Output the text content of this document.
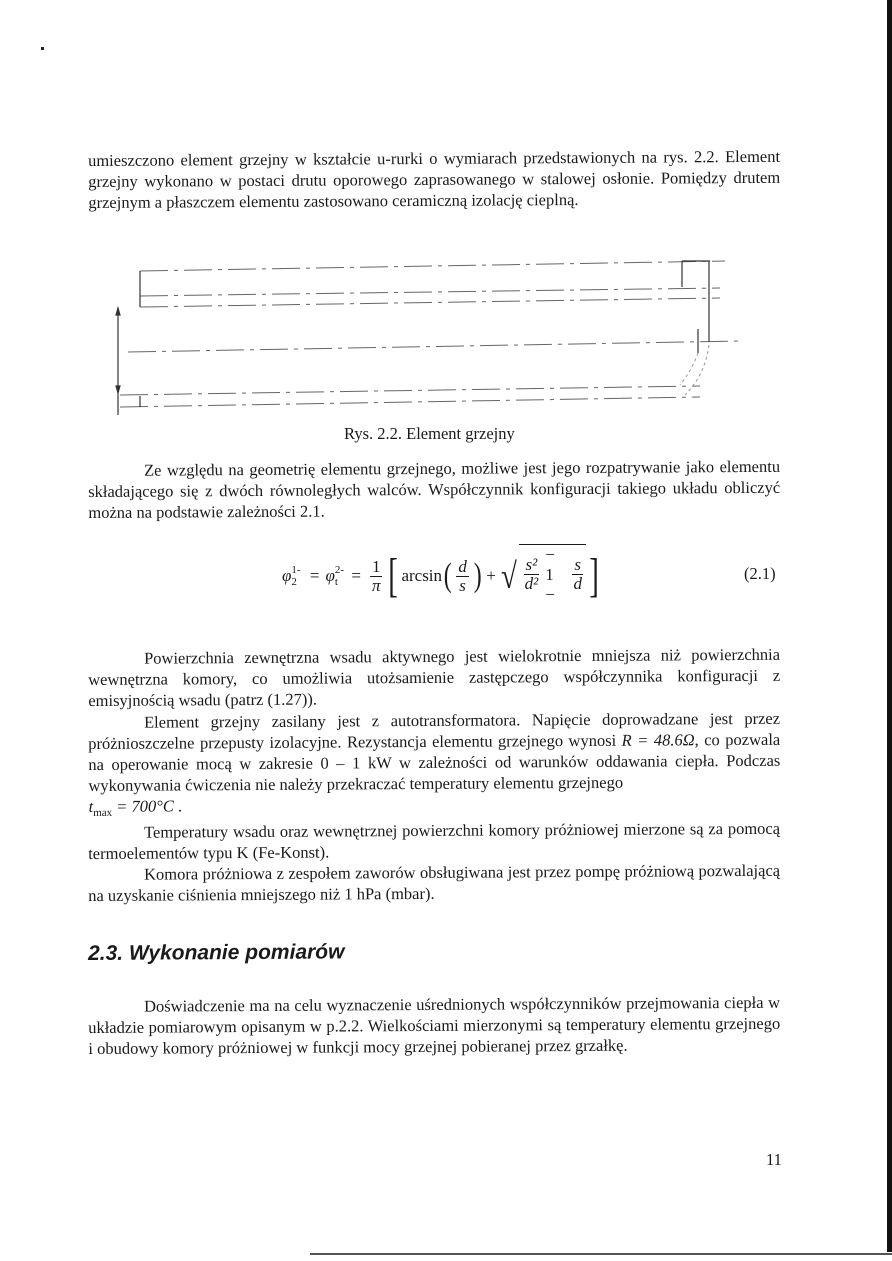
umieszczono element grzejny w kształcie u-rurki o wymiarach przedstawionych na rys. 2.2. Element grzejny wykonano w postaci drutu oporowego zaprasowanego w stalowej osłonie. Pomiędzy drutem grzejnym a płaszczem elementu zastosowano ceramiczną izolację cieplną.

Rys. 2.2. Element grzejny

Ze względu na geometrię elementu grzejnego, możliwe jest jego rozpatrywanie jako elementu składającego się z dwóch równoległych walców. Współczynnik konfiguracji takiego układu obliczyć można na podstawie zależności 2.1.

φ 1-2 = φ $2-t = \frac{1}{\pi}$ [ arcsin ( $\frac{d}{s}$ ) + √ $\frac{\text{s²}}{\text{d²}}$
− 1 −
$\frac{s}{d}$ ]	(2.1)

Powierzchnia zewnętrzna wsadu aktywnego jest wielokrotnie mniejsza niż powierzchnia wewnętrzna komory, co umożliwia utożsamienie zastępczego współczynnika konfiguracji z emisyjnością wsadu (patrz (1.27)).

Element grzejny zasilany jest z autotransformatora. Napięcie doprowadzane jest przez próżnioszczelne przepusty izolacyjne. Rezystancja elementu grzejnego wynosi R = 48.6Ω, co pozwala na operowanie mocą w zakresie 0 – 1 kW w zależności od warunków oddawania ciepła. Podczas wykonywania ćwiczenia nie należy przekraczać temperatury elementu grzejnego
$t_{max} = 700^\circ C$ .

Temperatury wsadu oraz wewnętrznej powierzchni komory próżniowej mierzone są za pomocą termoelementów typu K (Fe-Konst).

Komora próżniowa z zespołem zaworów obsługiwana jest przez pompę próżniową pozwalającą na uzyskanie ciśnienia mniejszego niż 1 hPa (mbar).

2.3. Wykonanie pomiarów

Doświadczenie ma na celu wyznaczenie uśrednionych współczynników przejmowania ciepła w układzie pomiarowym opisanym w p.2.2. Wielkościami mierzonymi są temperatury elementu grzejnego i obudowy komory próżniowej w funkcji mocy grzejnej pobieranej przez grzałkę.

11
